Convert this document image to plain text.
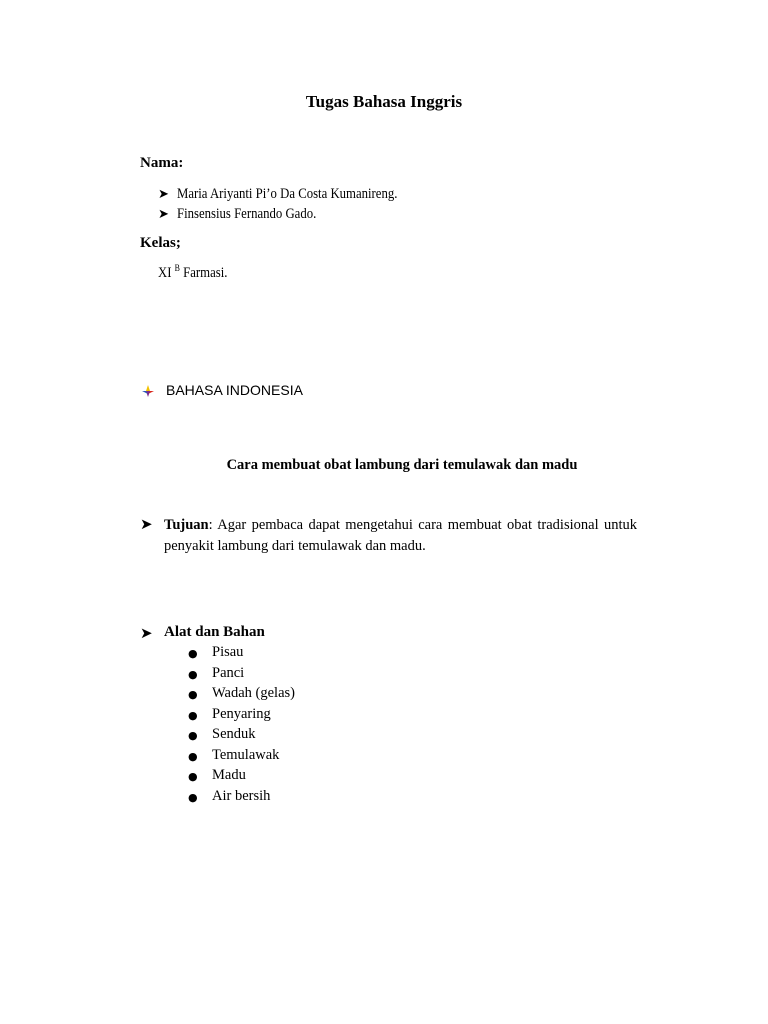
Tugas Bahasa Inggris
Nama:
➤ Maria Ariyanti Pi’o Da Costa Kumanireng.
➤ Finsensius Fernando Gado.
Kelas;
XI $^B$ Farmasi.
BAHASA INDONESIA
Cara membuat obat lambung dari temulawak dan madu
➤ Tujuan: Agar pembaca dapat mengetahui cara membuat obat tradisional untuk penyakit lambung dari temulawak dan madu.
➤ Alat dan Bahan
● Pisau
● Panci
● Wadah (gelas)
● Penyaring
● Senduk
● Temulawak
● Madu
● Air bersih
